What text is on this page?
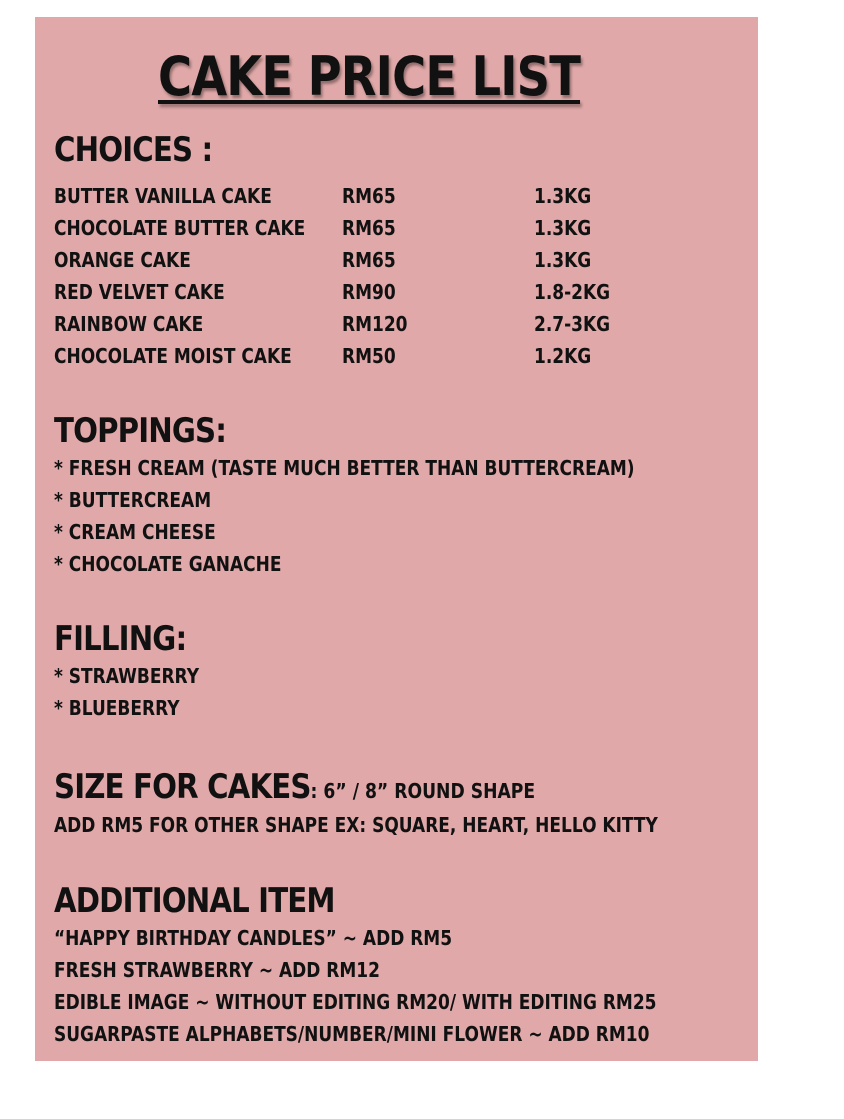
CAKE PRICE LIST
CHOICES :
BUTTER VANILLA CAKE	RM65	1.3KG
CHOCOLATE BUTTER CAKE RM65	1.3KG
ORANGE CAKE	RM65	1.3KG
RED VELVET CAKE	RM90	1.8-2KG
RAINBOW CAKE	RM120	2.7-3KG
CHOCOLATE MOIST CAKE	RM50	1.2KG
TOPPINGS:
* FRESH CREAM (TASTE MUCH BETTER THAN BUTTERCREAM)
* BUTTERCREAM
* CREAM CHEESE
* CHOCOLATE GANACHE
FILLING:
* STRAWBERRY
* BLUEBERRY
SIZE FOR CAKES: 6” / 8” ROUND SHAPE
ADD RM5 FOR OTHER SHAPE EX: SQUARE, HEART, HELLO KITTY
ADDITIONAL ITEM
“HAPPY BIRTHDAY CANDLES” ~ ADD RM5
FRESH STRAWBERRY ~ ADD RM12
EDIBLE IMAGE ~ WITHOUT EDITING RM20/ WITH EDITING RM25
SUGARPASTE ALPHABETS/NUMBER/MINI FLOWER ~ ADD RM10
